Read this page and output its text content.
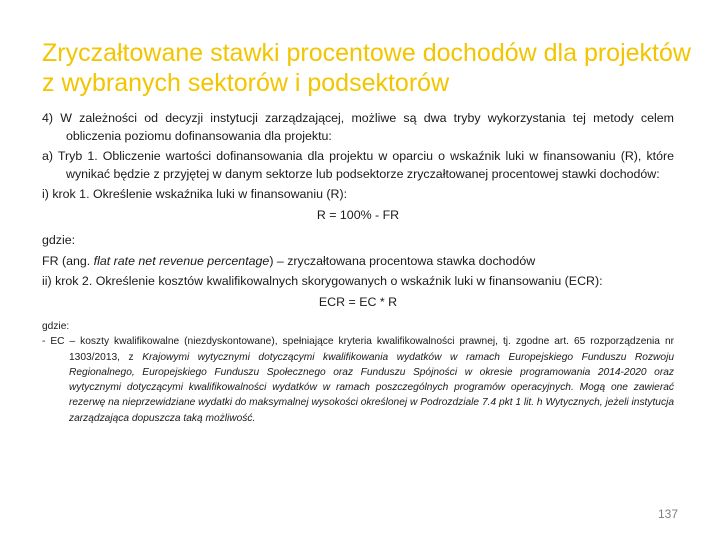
Zryczałtowane stawki procentowe dochodów dla projektów z wybranych sektorów i podsektorów

4) W zależności od decyzji instytucji zarządzającej, możliwe są dwa tryby wykorzystania tej metody celem obliczenia poziomu dofinansowania dla projektu:

a) Tryb 1. Obliczenie wartości dofinansowania dla projektu w oparciu o wskaźnik luki w finansowaniu (R), które wynikać będzie z przyjętej w danym sektorze lub podsektorze zryczałtowanej procentowej stawki dochodów:

i) krok 1. Określenie wskaźnika luki w finansowaniu (R):

R = 100% - FR

gdzie:

FR (ang. flat rate net revenue percentage) – zryczałtowana procentowa stawka dochodów

ii) krok 2. Określenie kosztów kwalifikowalnych skorygowanych o wskaźnik luki w finansowaniu (ECR):

ECR = EC * R

gdzie:

- EC – koszty kwalifikowalne (niezdyskontowane), spełniające kryteria kwalifikowalności prawnej, tj. zgodne art. 65 rozporządzenia nr 1303/2013, z Krajowymi wytycznymi dotyczącymi kwalifikowania wydatków w ramach Europejskiego Funduszu Rozwoju Regionalnego, Europejskiego Funduszu Społecznego oraz Funduszu Spójności w okresie programowania 2014-2020 oraz wytycznymi dotyczącymi kwalifikowalności wydatków w ramach poszczególnych programów operacyjnych. Mogą one zawierać rezerwę na nieprzewidziane wydatki do maksymalnej wysokości określonej w Podrozdziale 7.4 pkt 1 lit. h Wytycznych, jeżeli instytucja zarządzająca dopuszcza taką możliwość.

137
